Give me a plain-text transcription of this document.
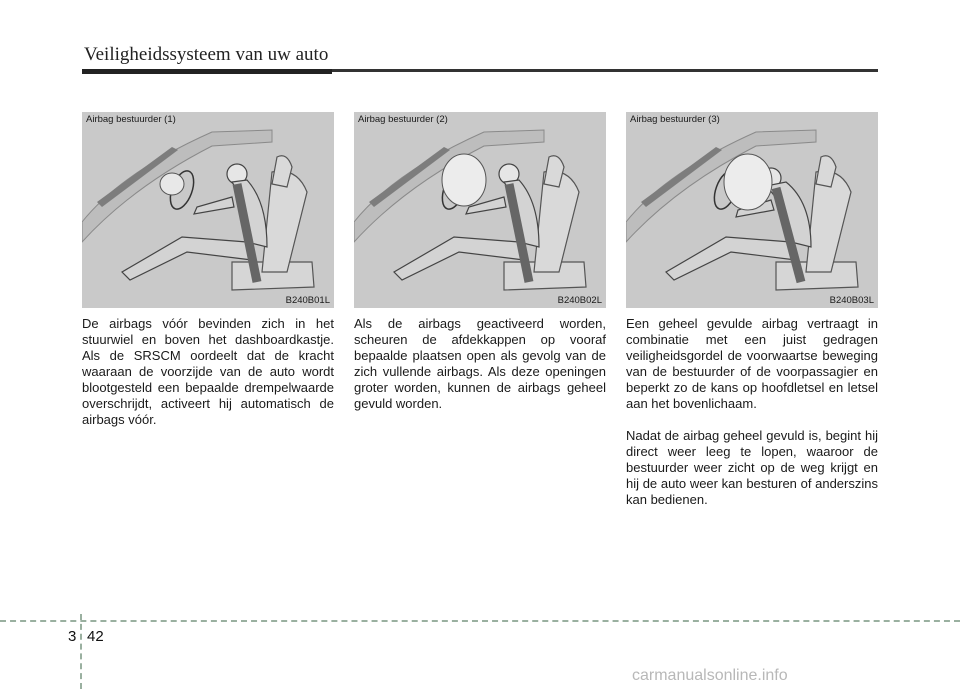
Veiligheidssysteem van uw auto
Airbag bestuurder (1)
B240B01L
Airbag bestuurder (2)
B240B02L
Airbag bestuurder (3)
B240B03L

De airbags vóór bevinden zich in het stuurwiel en boven het dashboardkastje. Als de SRSCM oordeelt dat de kracht waaraan de voorzijde van de auto wordt blootgesteld een bepaalde drempelwaarde overschrijdt, activeert hij automatisch de airbags vóór.

Als de airbags geactiveerd worden, scheuren de afdekkappen op vooraf bepaalde plaatsen open als gevolg van de zich vullende airbags. Als deze openingen groter worden, kunnen de airbags geheel gevuld worden.

Een geheel gevulde airbag vertraagt in combinatie met een juist gedragen veiligheidsgordel de voorwaartse beweging van de bestuurder of de voorpassagier en beperkt zo de kans op hoofdletsel en letsel aan het bovenlichaam.

Nadat de airbag geheel gevuld is, begint hij direct weer leeg te lopen, waaroor de bestuurder weer zicht op de weg krijgt en hij de auto weer kan besturen of anderszins kan bedienen.

3 42
carmanualsonline.info
